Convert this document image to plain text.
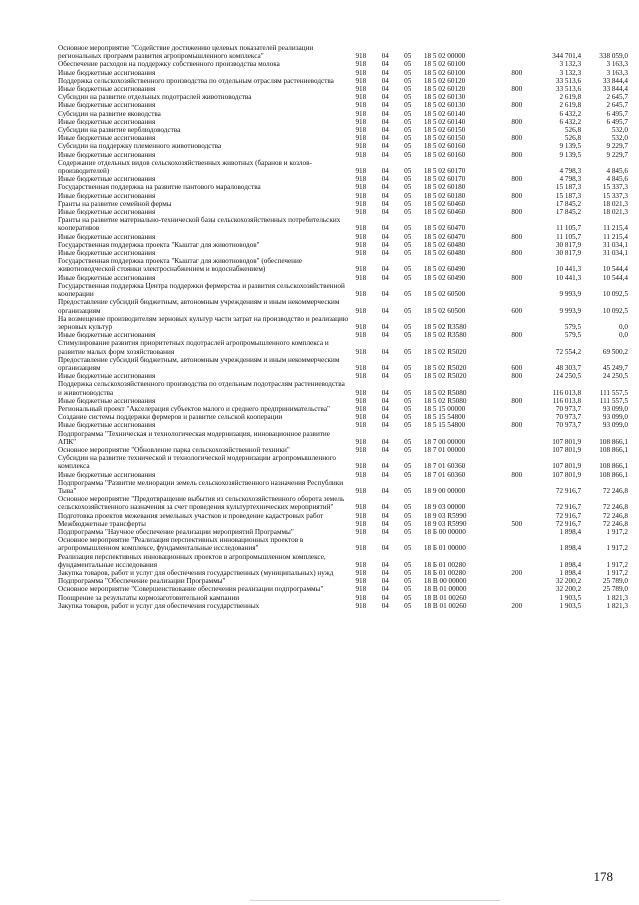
Основное мероприятие "Содействие достижению целевых показателей реализации региональных программ развития агропромышленного комплекса"	918	04	05	18 5 02 00000		344 701,4	338 059,0
Обеспечение расходов на поддержку собственного производства молока	918	04	05	18 5 02 60100		3 132,3	3 163,3
Иные бюджетные ассигнования	918	04	05	18 5 02 60100	800	3 132,3	3 163,3
Поддержка сельскохозяйственного производства по отдельным отраслям растениеводства	918	04	05	18 5 02 60120		33 513,6	33 844,4
Иные бюджетные ассигнования	918	04	05	18 5 02 60120	800	33 513,6	33 844,4
Субсидии на развитие отдельных подотраслей животноводства	918	04	05	18 5 02 60130		2 619,8	2 645,7
Иные бюджетные ассигнования	918	04	05	18 5 02 60130	800	2 619,8	2 645,7
Субсидии на развитие яководства	918	04	05	18 5 02 60140		6 432,2	6 495,7
Иные бюджетные ассигнования	918	04	05	18 5 02 60140	800	6 432,2	6 495,7
Субсидии на развитие верблюдоводства	918	04	05	18 5 02 60150		526,8	532,0
Иные бюджетные ассигнования	918	04	05	18 5 02 60150	800	526,8	532,0
Субсидии на поддержку племенного животноводства	918	04	05	18 5 02 60160		9 139,5	9 229,7
Иные бюджетные ассигнования	918	04	05	18 5 02 60160	800	9 139,5	9 229,7
Содержание отдельных видов сельскохозяйственных животных (баранов и козлов-производителей)	918	04	05	18 5 02 60170		4 798,3	4 845,6
Иные бюджетные ассигнования	918	04	05	18 5 02 60170	800	4 798,3	4 845,6
Государственная поддержка на развитие пантового мараловодства	918	04	05	18 5 02 60180		15 187,3	15 337,3
Иные бюджетные ассигнования	918	04	05	18 5 02 60180	800	15 187,3	15 337,3
Гранты на развитие семейной фермы	918	04	05	18 5 02 60460		17 845,2	18 021,3
Иные бюджетные ассигнования	918	04	05	18 5 02 60460	800	17 845,2	18 021,3
Гранты на развитие материально-технической базы сельскохозяйственных потребительских кооперативов	918	04	05	18 5 02 60470		11 105,7	11 215,4
Иные бюджетные ассигнования	918	04	05	18 5 02 60470	800	11 105,7	11 215,4
Государственная поддержка проекта "Кыштаг для животноводов"	918	04	05	18 5 02 60480		30 817,9	31 034,1
Иные бюджетные ассигнования	918	04	05	18 5 02 60480	800	30 817,9	31 034,1
Государственная поддержка проекта "Кыштаг для животноводов" (обеспечение животноводческой стоянки электроснабжением и водоснабжением)	918	04	05	18 5 02 60490		10 441,3	10 544,4
Иные бюджетные ассигнования	918	04	05	18 5 02 60490	800	10 441,3	10 544,4
Государственная поддержка Центра поддержки фермерства и развития сельскохозяйственной кооперации	918	04	05	18 5 02 60500		9 993,9	10 092,5
Предоставление субсидий бюджетным, автономным учреждениям и иным некоммерческим организациям	918	04	05	18 5 02 60500	600	9 993,9	10 092,5
На возмещение производителям зерновых культур части затрат на производство и реализацию зерновых культур	918	04	05	18 5 02 R3580		579,5	0,0
Иные бюджетные ассигнования	918	04	05	18 5 02 R3580	800	579,5	0,0
Стимулирование развития приоритетных подотраслей агропромышленного комплекса и развитие малых форм хозяйствования	918	04	05	18 5 02 R5020		72 554,2	69 500,2
Предоставление субсидий бюджетным, автономным учреждениям и иным некоммерческим организациям	918	04	05	18 5 02 R5020	600	48 303,7	45 249,7
Иные бюджетные ассигнования	918	04	05	18 5 02 R5020	800	24 250,5	24 250,5
Поддержка сельскохозяйственного производства по отдельным подотраслям растениеводства и животноводства	918	04	05	18 5 02 R5080		116 013,8	111 557,5
Иные бюджетные ассигнования	918	04	05	18 5 02 R5080	800	116 013,8	111 557,5
Региональный проект "Акселерация субъектов малого и среднего предпринимательства"	918	04	05	18 5 15 00000		70 973,7	93 099,0
Создание системы поддержки фермеров и развитие сельской кооперации	918	04	05	18 5 15 54800		70 973,7	93 099,0
Иные бюджетные ассигнования	918	04	05	18 5 15 54800	800	70 973,7	93 099,0
Подпрограмма "Техническая и технологическая модернизация, инновационное развитие АПК"	918	04	05	18 7 00 00000		107 801,9	108 866,1
Основное мероприятие "Обновление парка сельскохозяйственной техники"	918	04	05	18 7 01 00000		107 801,9	108 866,1
Субсидии на развитие технической и технологической модернизации агропромышленного комплекса	918	04	05	18 7 01 60360		107 801,9	108 866,1
Иные бюджетные ассигнования	918	04	05	18 7 01 60360	800	107 801,9	108 866,1
Подпрограмма "Развитие мелиорации земель сельскохозяйственного назначения Республики Тыва"	918	04	05	18 9 00 00000		72 916,7	72 246,8
Основное мероприятие "Предотвращение выбытия из сельскохозяйственного оборота земель сельскохозяйственного назначения за счет проведения культуртехнических мероприятий"	918	04	05	18 9 03 00000		72 916,7	72 246,8
Подготовка проектов межевания земельных участков и проведение кадастровых работ	918	04	05	18 9 03 R5990		72 916,7	72 246,8
Межбюджетные трансферты	918	04	05	18 9 03 R5990	500	72 916,7	72 246,8
Подпрограмма "Научное обеспечение реализации мероприятий Программы"	918	04	05	18 Б 00 00000		1 898,4	1 917,2
Основное мероприятие "Реализация перспективных инновационных проектов в агропромышленном комплексе, фундаментальные исследования"	918	04	05	18 Б 01 00000		1 898,4	1 917,2
Реализация перспективных инновационных проектов в агропромышленном комплексе, фундаментальные исследования	918	04	05	18 Б 01 00280		1 898,4	1 917,2
Закупка товаров, работ и услуг для обеспечения государственных (муниципальных) нужд	918	04	05	18 Б 01 00280	200	1 898,4	1 917,2
Подпрограмма "Обеспечение реализации Программы"	918	04	05	18 В 00 00000		32 200,2	25 789,0
Основное мероприятие "Совершенствование обеспечения реализации подпрограммы"	918	04	05	18 В 01 00000		32 200,2	25 789,0
Поощрение за результаты кормозаготовительной кампании	918	04	05	18 В 01 00260		1 903,5	1 821,3
Закупка товаров, работ и услуг для обеспечения государственных	918	04	05	18 В 01 00260	200	1 903,5	1 821,3
178
